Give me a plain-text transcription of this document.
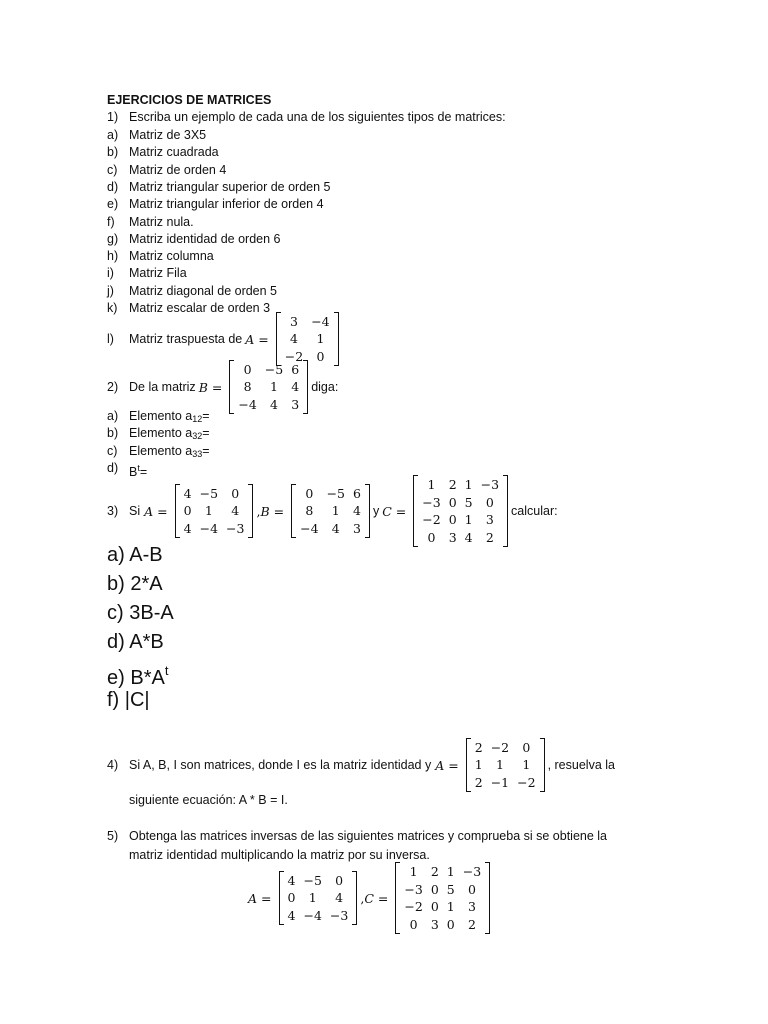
EJERCICIOS DE MATRICES
1) Escriba un ejemplo de cada una de los siguientes tipos de matrices:
a) Matriz de 3X5
b) Matriz cuadrada
c) Matriz de orden 4
d) Matriz triangular superior de orden 5
e) Matriz triangular inferior de orden 4
f) Matriz nula.
g) Matriz identidad de orden 6
h) Matriz columna
i) Matriz Fila
j) Matriz diagonal de orden 5
k) Matriz escalar de orden 3
l)	Matriz traspuesta de A =
3	−4
4	1
−2	0
2) De la matriz B =
0	−5 6
8	1	4
−4	4	3
diga:
a) Elemento $a_{12}=$
b) Elemento $a_{32}=$
c) Elemento $a_{33}=$
d) $B^t=$
3) Si A =
4 −5	0
0	1	4
4 −4 −3
, B =
0	−5 6
8	1	4
−4	4	3
y C =
1	2 1 −3
−3 0 5	0
−2 0 1	3
0	3 4	2
calcular:
a) A-B
b) 2*A
c) 3B-A
d) A*B
e) $B*A^t$
f) |C|
4) Si A, B, I son matrices, donde I es la matriz identidad y A =
2 −2	0
1	1	1
2 −1 −2
, resuelva la
siguiente ecuación: A * B = I.
5) Obtenga las matrices inversas de las siguientes matrices y comprueba si se obtiene la
matriz identidad multiplicando la matriz por su inversa.
A =
4 −5	0
0	1	4
4 −4 −3
, C =
1	2 1 −3
−3 0 5	0
−2 0 1	3
0	3 0	2
